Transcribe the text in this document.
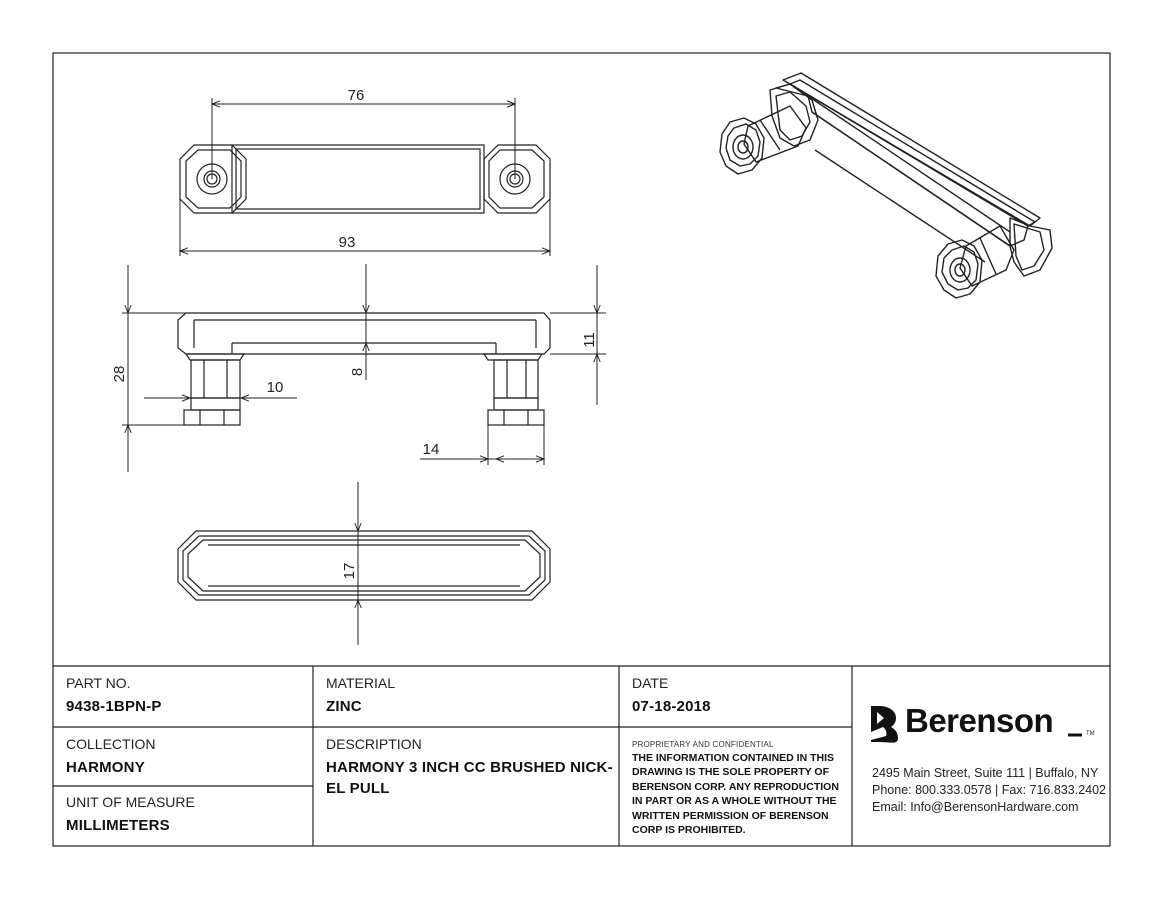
76
93
28	8
11
10
14
17
PART NO.
9438-1BPN-P
MATERIAL
ZINC
DATE
07-18-2018
COLLECTION
HARMONY
DESCRIPTION
HARMONY 3 INCH CC BRUSHED NICK-
EL PULL
UNIT OF MEASURE
MILLIMETERS
PROPRIETARY AND CONFIDENTIAL
THE INFORMATION CONTAINED IN THIS
DRAWING IS THE SOLE PROPERTY OF
BERENSON CORP. ANY REPRODUCTION
IN PART OR AS A WHOLE WITHOUT THE
WRITTEN PERMISSION OF BERENSON
CORP IS PROHIBITED.
Berenson	TM
2495 Main Street, Suite 111 | Buffalo, NY
Phone: 800.333.0578 | Fax: 716.833.2402
Email: Info@BerensonHardware.com
